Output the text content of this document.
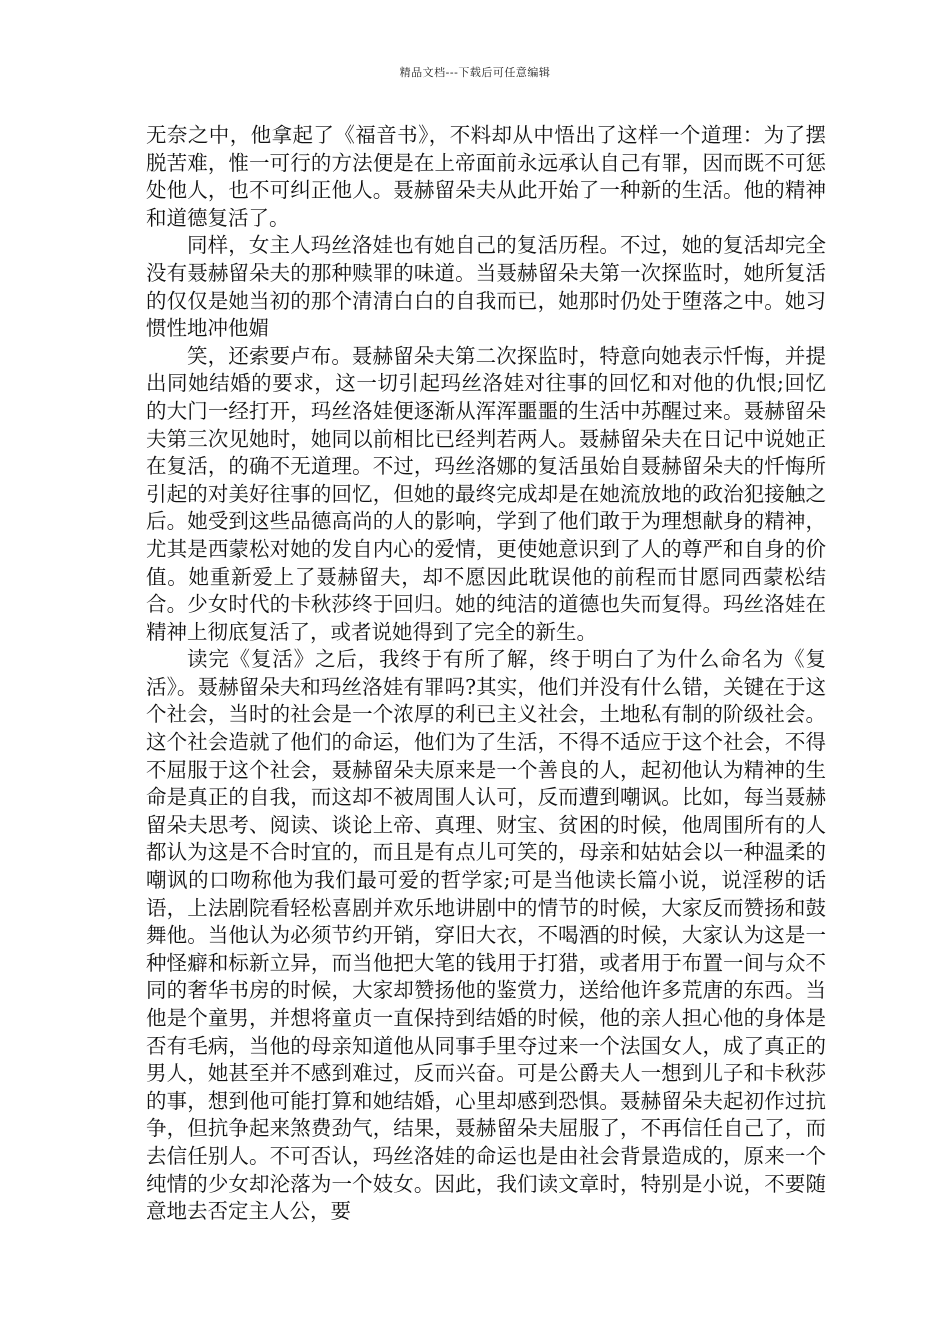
精品文档---下载后可任意编辑

无奈之中，他拿起了《福音书》，不料却从中悟出了这样一个道理：为了摆脱苦难，惟一可行的方法便是在上帝面前永远承认自己有罪，因而既不可惩处他人，也不可纠正他人。聂赫留朵夫从此开始了一种新的生活。他的精神和道德复活了。

同样，女主人玛丝洛娃也有她自己的复活历程。不过，她的复活却完全没有聂赫留朵夫的那种赎罪的味道。当聂赫留朵夫第一次探监时，她所复活的仅仅是她当初的那个清清白白的自我而已，她那时仍处于堕落之中。她习惯性地冲他媚

笑，还索要卢布。聂赫留朵夫第二次探监时，特意向她表示忏悔，并提出同她结婚的要求，这一切引起玛丝洛娃对往事的回忆和对他的仇恨;回忆的大门一经打开，玛丝洛娃便逐渐从浑浑噩噩的生活中苏醒过来。聂赫留朵夫第三次见她时，她同以前相比已经判若两人。聂赫留朵夫在日记中说她正在复活，的确不无道理。不过，玛丝洛娜的复活虽始自聂赫留朵夫的忏悔所引起的对美好往事的回忆，但她的最终完成却是在她流放地的政治犯接触之后。她受到这些品德高尚的人的影响，学到了他们敢于为理想献身的精神，尤其是西蒙松对她的发自内心的爱情，更使她意识到了人的尊严和自身的价值。她重新爱上了聂赫留夫，却不愿因此耽误他的前程而甘愿同西蒙松结合。少女时代的卡秋莎终于回归。她的纯洁的道德也失而复得。玛丝洛娃在精神上彻底复活了，或者说她得到了完全的新生。

读完《复活》之后，我终于有所了解，终于明白了为什么命名为《复活》。聂赫留朵夫和玛丝洛娃有罪吗?其实，他们并没有什么错，关键在于这个社会，当时的社会是一个浓厚的利已主义社会，土地私有制的阶级社会。这个社会造就了他们的命运，他们为了生活，不得不适应于这个社会，不得不屈服于这个社会，聂赫留朵夫原来是一个善良的人，起初他认为精神的生命是真正的自我，而这却不被周围人认可，反而遭到嘲讽。比如，每当聂赫留朵夫思考、阅读、谈论上帝、真理、财宝、贫困的时候，他周围所有的人都认为这是不合时宜的，而且是有点儿可笑的，母亲和姑姑会以一种温柔的嘲讽的口吻称他为我们最可爱的哲学家;可是当他读长篇小说，说淫秽的话语，上法剧院看轻松喜剧并欢乐地讲剧中的情节的时候，大家反而赞扬和鼓舞他。当他认为必须节约开销，穿旧大衣，不喝酒的时候，大家认为这是一种怪癖和标新立异，而当他把大笔的钱用于打猎，或者用于布置一间与众不同的奢华书房的时候，大家却赞扬他的鉴赏力，送给他许多荒唐的东西。当他是个童男，并想将童贞一直保持到结婚的时候，他的亲人担心他的身体是否有毛病，当他的母亲知道他从同事手里夺过来一个法国女人，成了真正的男人，她甚至并不感到难过，反而兴奋。可是公爵夫人一想到儿子和卡秋莎的事，想到他可能打算和她结婚，心里却感到恐惧。聂赫留朵夫起初作过抗争，但抗争起来煞费劲气，结果，聂赫留朵夫屈服了，不再信任自己了，而去信任别人。不可否认，玛丝洛娃的命运也是由社会背景造成的，原来一个纯情的少女却沦落为一个妓女。因此，我们读文章时，特别是小说，不要随意地去否定主人公，要
